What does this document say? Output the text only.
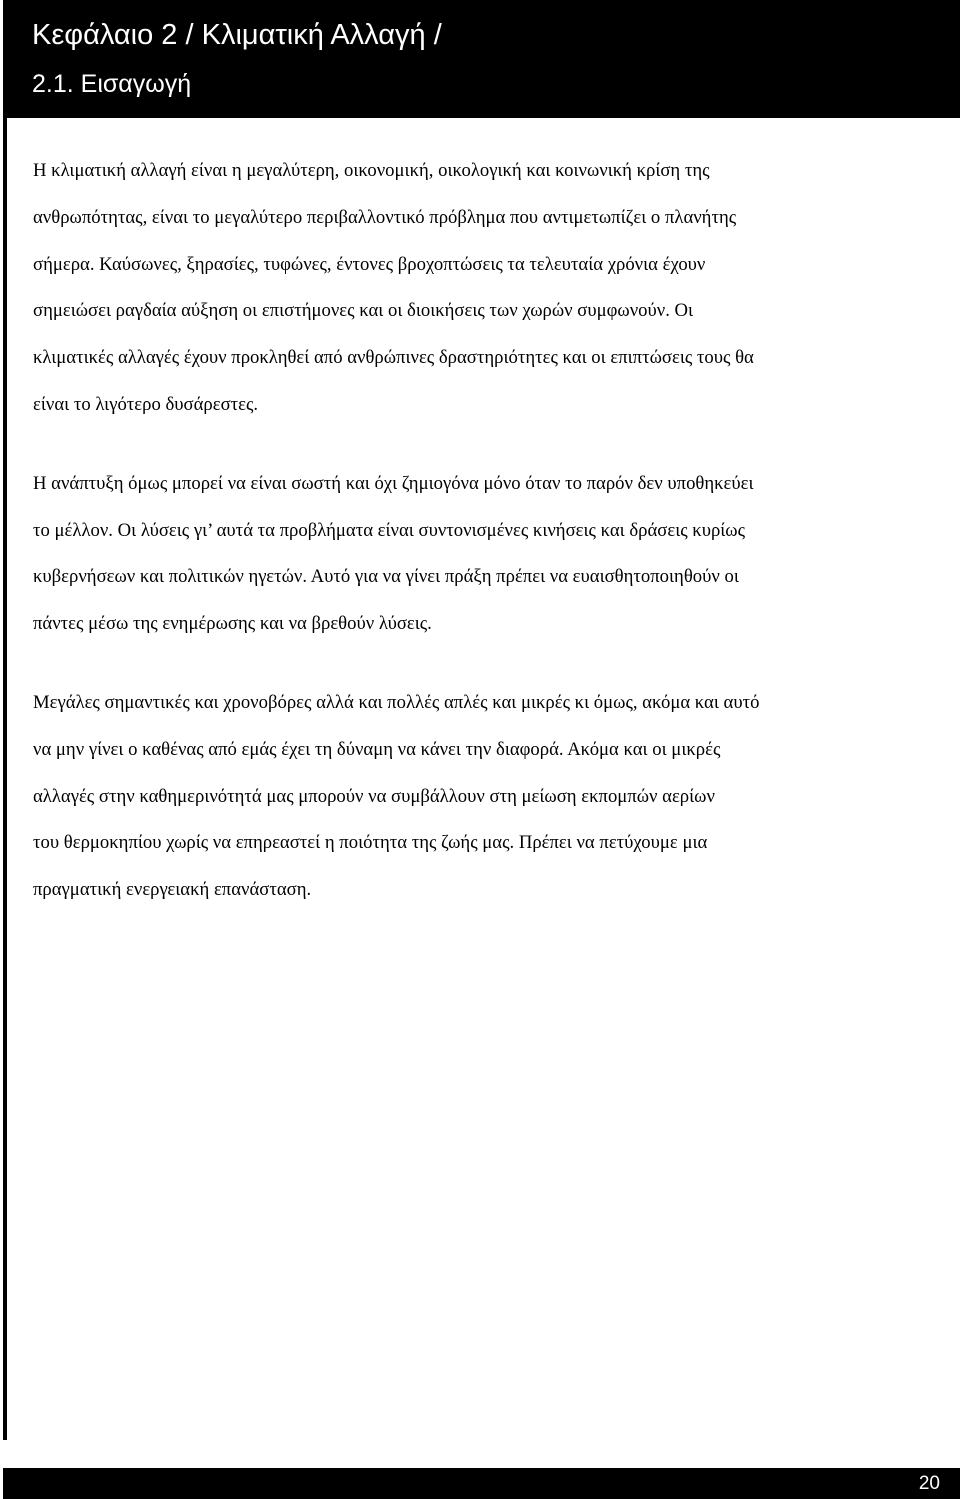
Κεφάλαιο 2 / Κλιματική Αλλαγή /
2.1. Εισαγωγή

Η κλιματική αλλαγή είναι η μεγαλύτερη, οικονομική, οικολογική και κοινωνική κρίση της
ανθρωπότητας, είναι το μεγαλύτερο περιβαλλοντικό πρόβλημα που αντιμετωπίζει ο πλανήτης
σήμερα. Καύσωνες, ξηρασίες, τυφώνες, έντονες βροχοπτώσεις τα τελευταία χρόνια έχουν
σημειώσει ραγδαία αύξηση οι επιστήμονες και οι διοικήσεις των χωρών συμφωνούν. Οι
κλιματικές αλλαγές έχουν προκληθεί από ανθρώπινες δραστηριότητες και οι επιπτώσεις τους θα
είναι το λιγότερο δυσάρεστες.

Η ανάπτυξη όμως μπορεί να είναι σωστή και όχι ζημιογόνα μόνο όταν το παρόν δεν υποθηκεύει
το μέλλον. Οι λύσεις γι’ αυτά τα προβλήματα είναι συντονισμένες κινήσεις και δράσεις κυρίως
κυβερνήσεων και πολιτικών ηγετών. Αυτό για να γίνει πράξη πρέπει να ευαισθητοποιηθούν οι
πάντες μέσω της ενημέρωσης και να βρεθούν λύσεις.

Μεγάλες σημαντικές και χρονοβόρες αλλά και πολλές απλές και μικρές κι όμως, ακόμα και αυτό
να μην γίνει ο καθένας από εμάς έχει τη δύναμη να κάνει την διαφορά. Ακόμα και οι μικρές
αλλαγές στην καθημερινότητά μας μπορούν να συμβάλλουν στη μείωση εκπομπών αερίων
του θερμοκηπίου χωρίς να επηρεαστεί η ποιότητα της ζωής μας. Πρέπει να πετύχουμε μια
πραγματική ενεργειακή επανάσταση.

20
